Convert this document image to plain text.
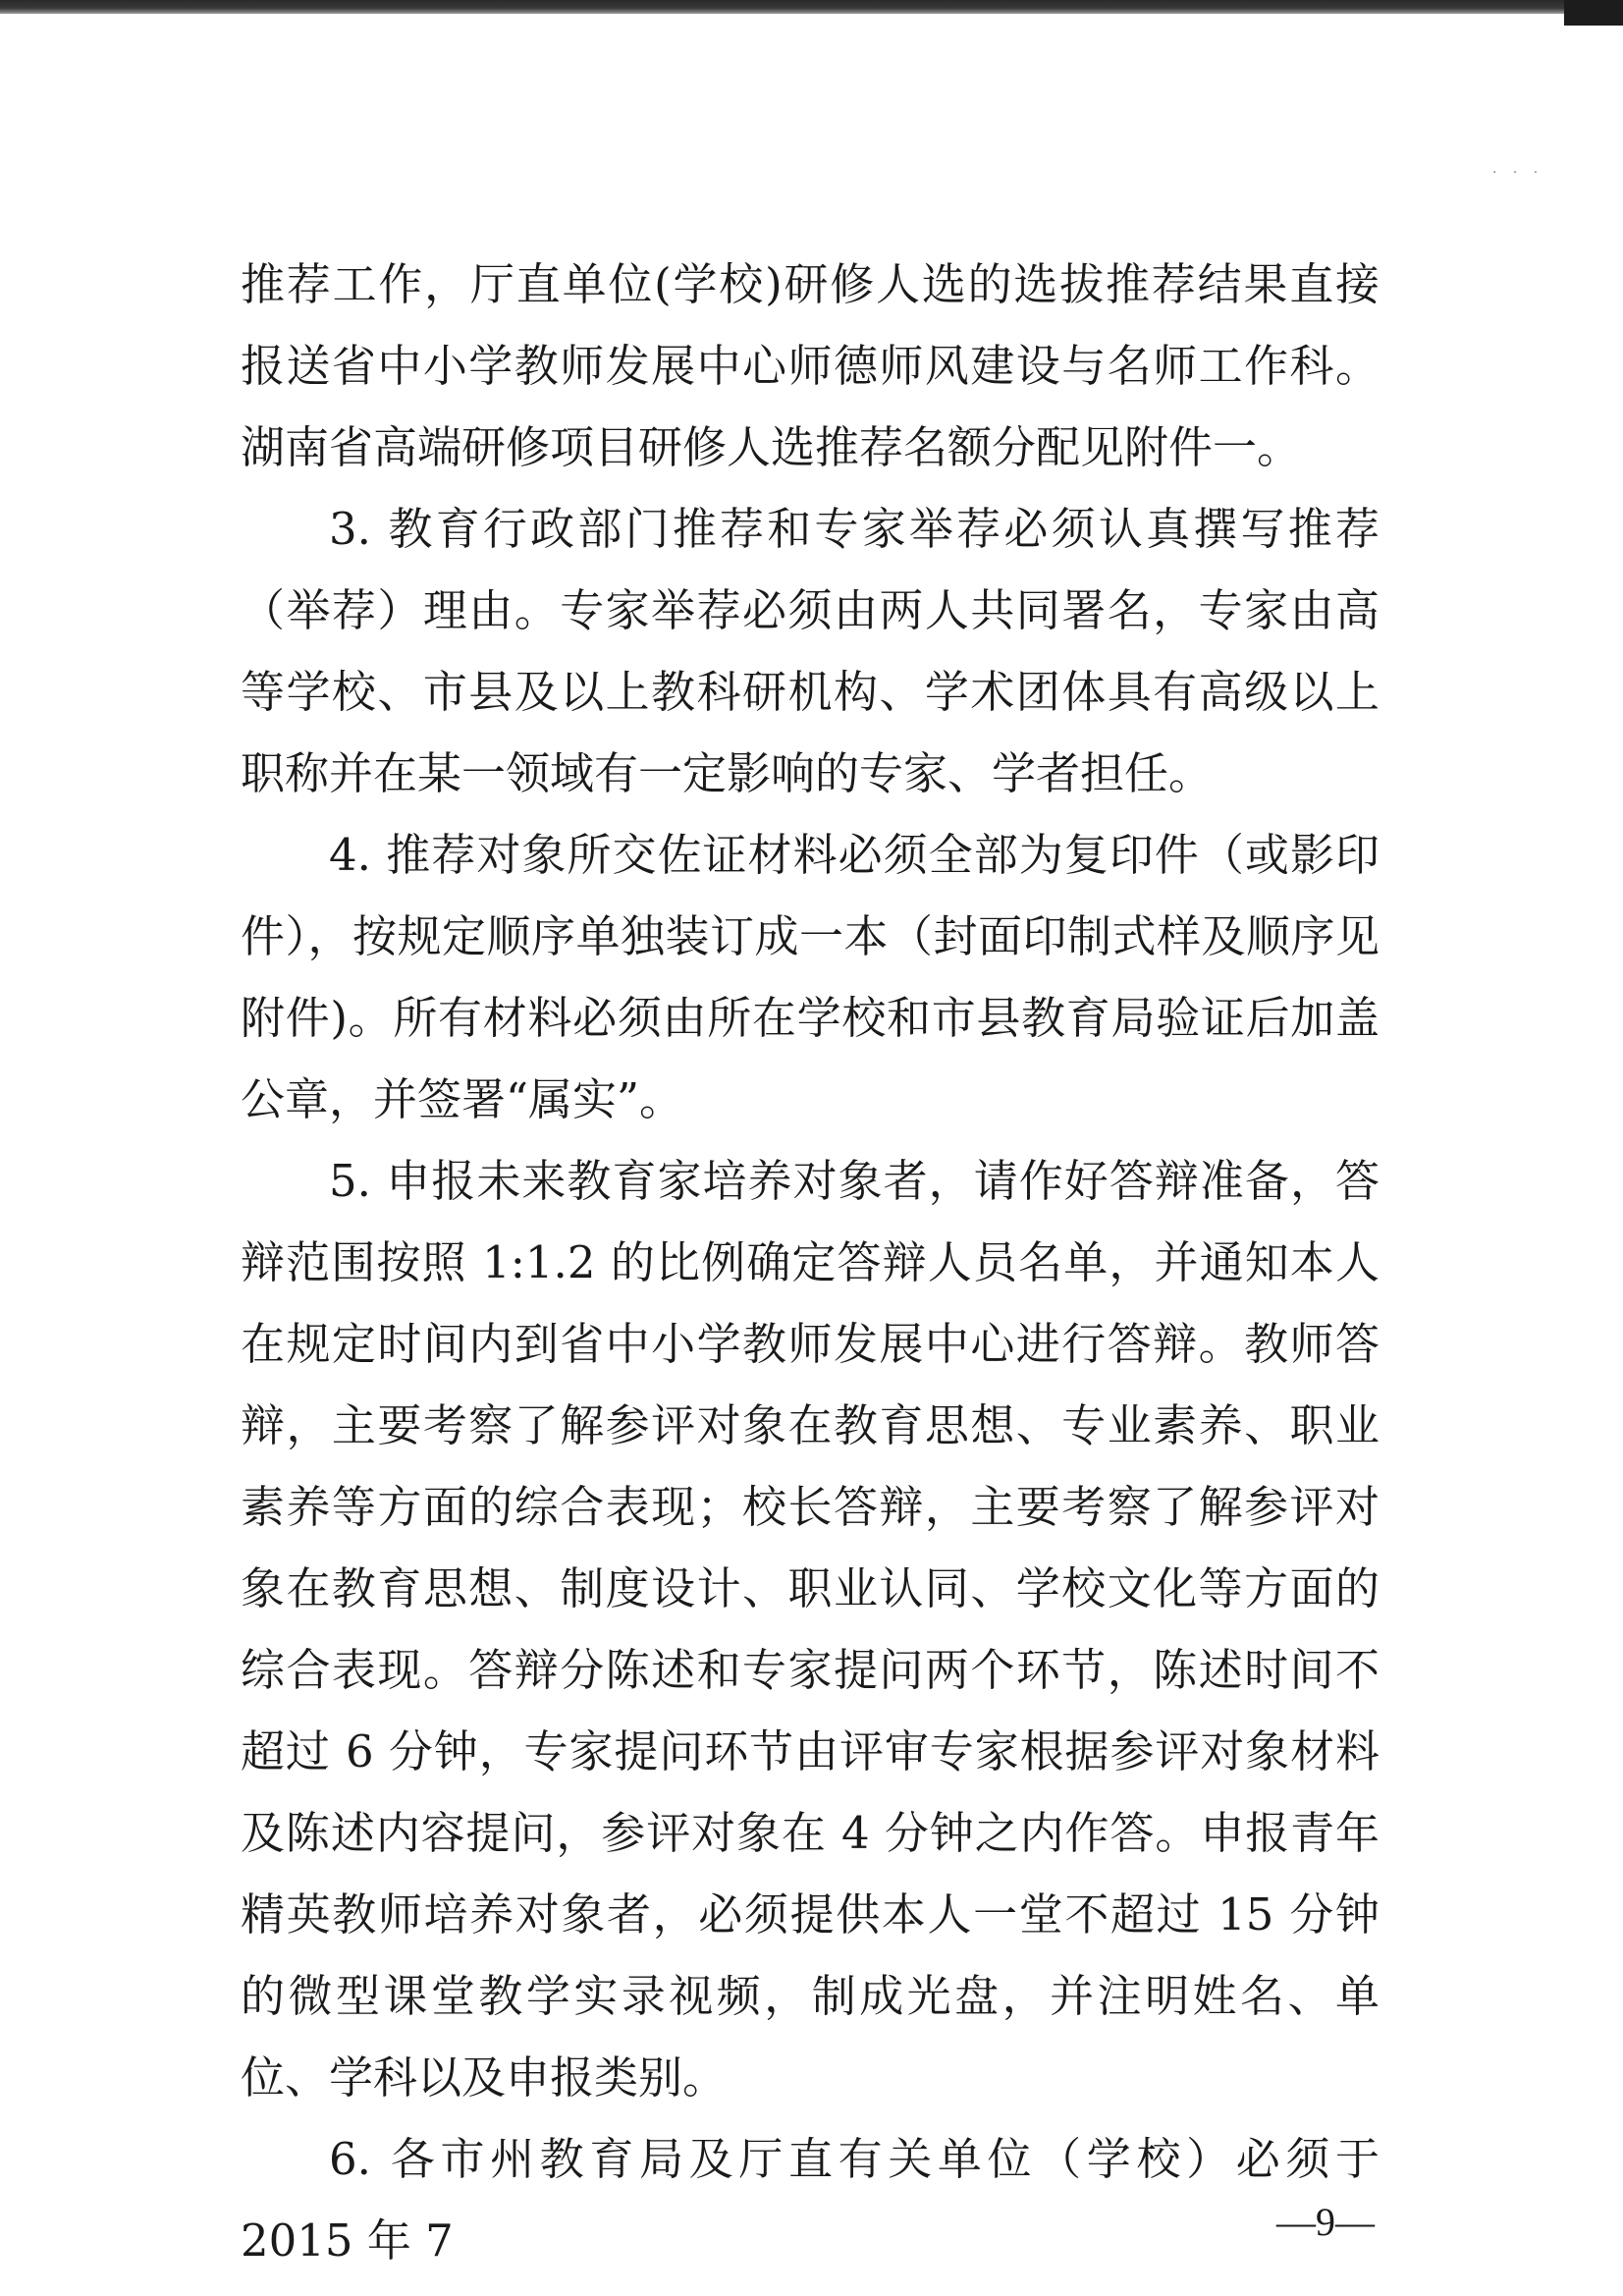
· · ·

推荐工作，厅直单位(学校)研修人选的选拔推荐结果直接报送省中小学教师发展中心师德师风建设与名师工作科。湖南省高端研修项目研修人选推荐名额分配见附件一。

3. 教育行政部门推荐和专家举荐必须认真撰写推荐（举荐）理由。专家举荐必须由两人共同署名，专家由高等学校、市县及以上教科研机构、学术团体具有高级以上职称并在某一领域有一定影响的专家、学者担任。

4. 推荐对象所交佐证材料必须全部为复印件（或影印件），按规定顺序单独装订成一本（封面印制式样及顺序见附件)。所有材料必须由所在学校和市县教育局验证后加盖公章，并签署“属实”。

5. 申报未来教育家培养对象者，请作好答辩准备，答辩范围按照 1:1.2 的比例确定答辩人员名单，并通知本人在规定时间内到省中小学教师发展中心进行答辩。教师答辩，主要考察了解参评对象在教育思想、专业素养、职业素养等方面的综合表现；校长答辩，主要考察了解参评对象在教育思想、制度设计、职业认同、学校文化等方面的综合表现。答辩分陈述和专家提问两个环节，陈述时间不超过 6 分钟，专家提问环节由评审专家根据参评对象材料及陈述内容提问，参评对象在 4 分钟之内作答。申报青年精英教师培养对象者，必须提供本人一堂不超过 15 分钟的微型课堂教学实录视频，制成光盘，并注明姓名、单位、学科以及申报类别。

6. 各市州教育局及厅直有关单位（学校）必须于 2015 年 7	—9—
